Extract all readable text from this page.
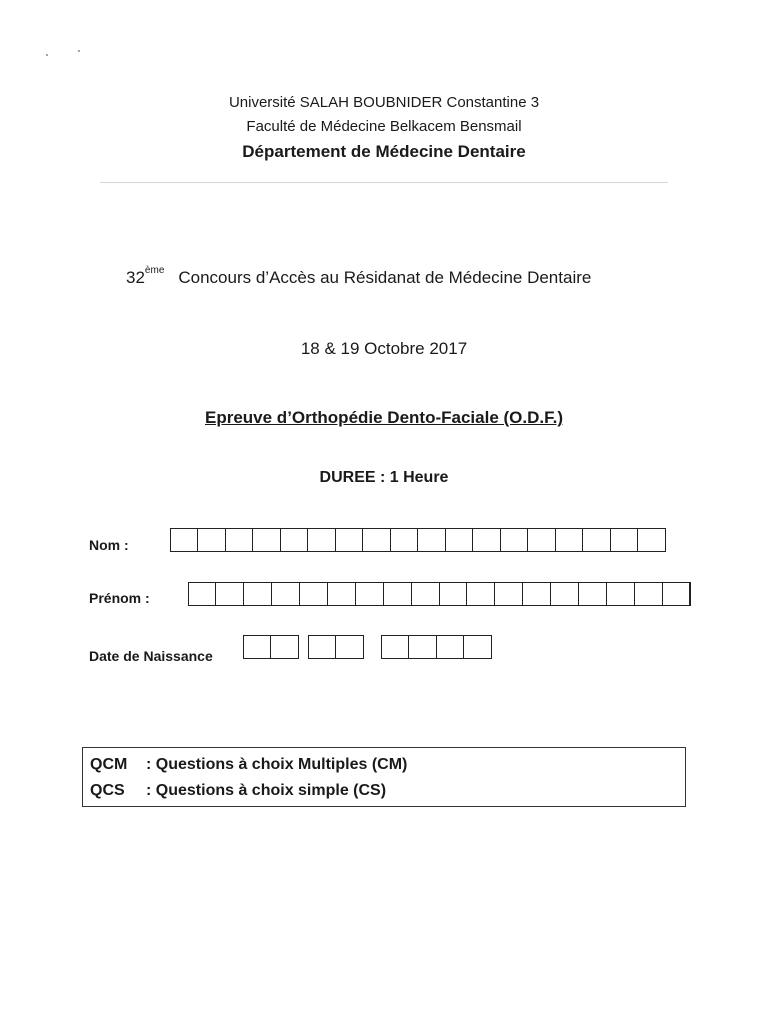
Université SALAH BOUBNIDER Constantine 3
Faculté de Médecine Belkacem Bensmail
Département de Médecine Dentaire
32ème Concours d’Accès au Résidanat de Médecine Dentaire
18 & 19 Octobre 2017
Epreuve d’Orthopédie Dento-Faciale (O.D.F.)
DUREE : 1 Heure
Nom :
Prénom :
Date de Naissance
QCM : Questions à choix Multiples (CM)
QCS : Questions à choix simple (CS)
